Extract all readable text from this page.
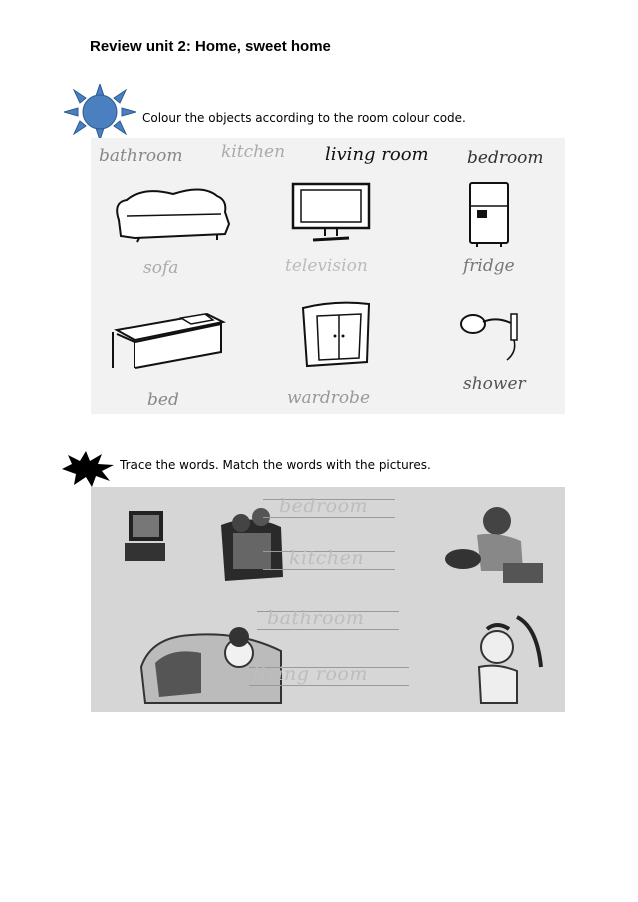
Review unit 2: Home, sweet home
Colour the objects according to the room colour code.
bathroom kitchen living room bedroom
sofa	television	fridge
bed	wardrobe
shower
Trace the words. Match the words with the pictures.
bedroom
kitchen
bathroom
living room
